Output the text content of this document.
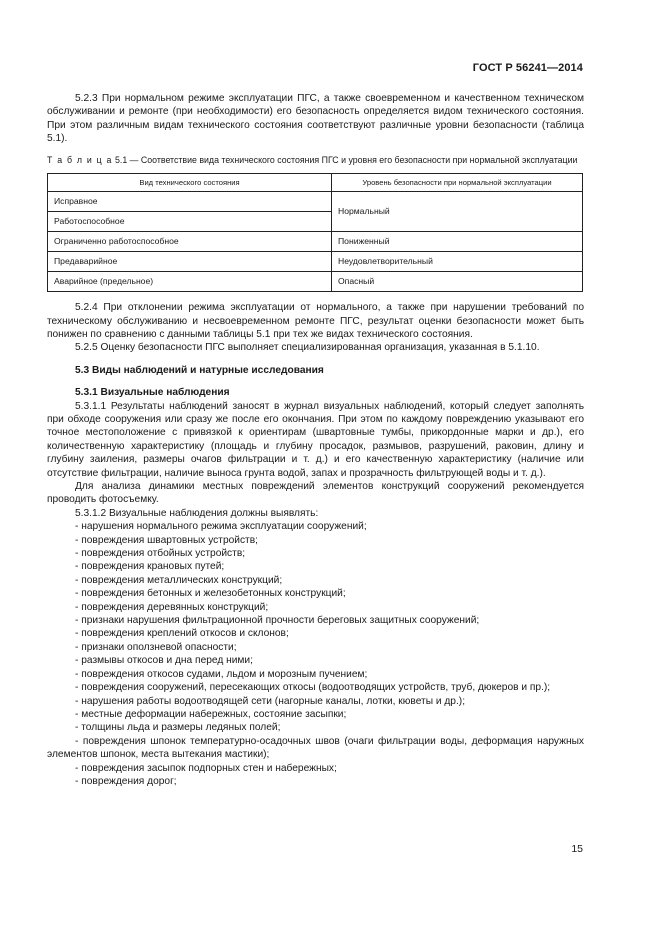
ГОСТ Р 56241—2014

5.2.3 При нормальном режиме эксплуатации ПГС, а также своевременном и качественном техническом обслуживании и ремонте (при необходимости) его безопасность определяется видом технического состояния. При этом различным видам технического состояния соответствуют различные уровни безопасности (таблица 5.1).

Т а б л и ц а 5.1 — Соответствие вида технического состояния ПГС и уровня его безопасности при нормальной эксплуатации

Вид технического состояния	Уровень безопасности при нормальной эксплуатации
Исправное	Нормальный
Работоспособное	
Ограниченно работоспособное	Пониженный
Предаварийное	Неудовлетворительный
Аварийное (предельное)	Опасный

5.2.4 При отклонении режима эксплуатации от нормального, а также при нарушении требований по техническому обслуживанию и несвоевременном ремонте ПГС, результат оценки безопасности может быть понижен по сравнению с данными таблицы 5.1 при тех же видах технического состояния.

5.2.5 Оценку безопасности ПГС выполняет специализированная организация, указанная в 5.1.10.

5.3 Виды наблюдений и натурные исследования

5.3.1 Визуальные наблюдения

5.3.1.1 Результаты наблюдений заносят в журнал визуальных наблюдений, который следует заполнять при обходе сооружения или сразу же после его окончания. При этом по каждому повреждению указывают его точное местоположение с привязкой к ориентирам (швартовные тумбы, прикордонные марки и др.), его количественную характеристику (площадь и глубину просадок, размывов, разрушений, раковин, длину и глубину заиления, размеры очагов фильтрации и т. д.) и его качественную характеристику (наличие или отсутствие фильтрации, наличие выноса грунта водой, запах и прозрачность фильтрующей воды и т. д.).

Для анализа динамики местных повреждений элементов конструкций сооружений рекомендуется проводить фотосъемку.

5.3.1.2 Визуальные наблюдения должны выявлять:

- нарушения нормального режима эксплуатации сооружений;

- повреждения швартовных устройств;

- повреждения отбойных устройств;

- повреждения крановых путей;

- повреждения металлических конструкций;

- повреждения бетонных и железобетонных конструкций;

- повреждения деревянных конструкций;

- признаки нарушения фильтрационной прочности береговых защитных сооружений;

- повреждения креплений откосов и склонов;

- признаки оползневой опасности;

- размывы откосов и дна перед ними;

- повреждения откосов судами, льдом и морозным пучением;

- повреждения сооружений, пересекающих откосы (водоотводящих устройств, труб, дюкеров и пр.);

- нарушения работы водоотводящей сети (нагорные каналы, лотки, кюветы и др.);

- местные деформации набережных, состояние засыпки;

- толщины льда и размеры ледяных полей;

- повреждения шпонок температурно-осадочных швов (очаги фильтрации воды, деформация наружных элементов шпонок, места вытекания мастики);

- повреждения засыпок подпорных стен и набережных;

- повреждения дорог;

15
